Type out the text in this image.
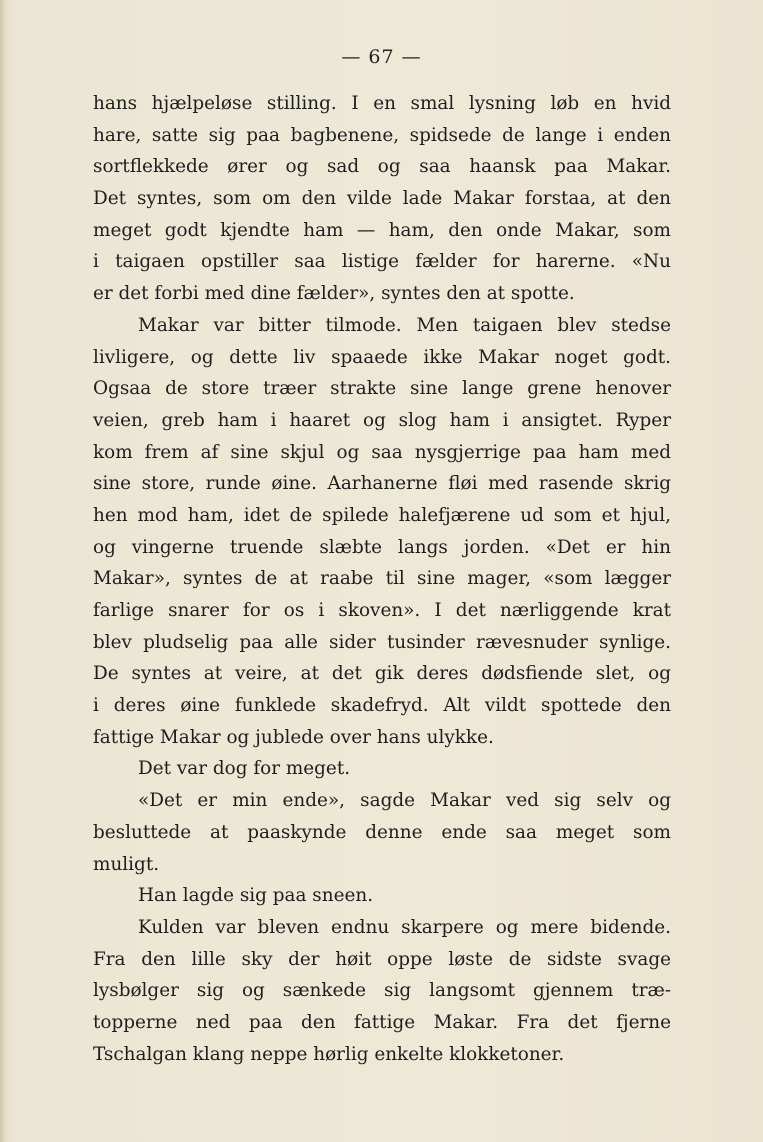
— 67 —
hans hjælpeløse stilling. I en smal lysning løb en hvid
hare, satte sig paa bagbenene, spidsede de lange i enden
sortflekkede ører og sad og saa haansk paa Makar.
Det syntes, som om den vilde lade Makar forstaa, at den
meget godt kjendte ham — ham, den onde Makar, som
i taigaen opstiller saa listige fælder for harerne. «Nu
er det forbi med dine fælder», syntes den at spotte.
Makar var bitter tilmode. Men taigaen blev stedse
livligere, og dette liv spaaede ikke Makar noget godt.
Ogsaa de store træer strakte sine lange grene henover
veien, greb ham i haaret og slog ham i ansigtet. Ryper
kom frem af sine skjul og saa nysgjerrige paa ham med
sine store, runde øine. Aarhanerne fløi med rasende skrig
hen mod ham, idet de spilede halefjærene ud som et hjul,
og vingerne truende slæbte langs jorden. «Det er hin
Makar», syntes de at raabe til sine mager, «som lægger
farlige snarer for os i skoven». I det nærliggende krat
blev pludselig paa alle sider tusinder rævesnuder synlige.
De syntes at veire, at det gik deres dødsfiende slet, og
i deres øine funklede skadefryd. Alt vildt spottede den
fattige Makar og jublede over hans ulykke.
Det var dog for meget.
«Det er min ende», sagde Makar ved sig selv og
besluttede at paaskynde denne ende saa meget som
muligt.
Han lagde sig paa sneen.
Kulden var bleven endnu skarpere og mere bidende.
Fra den lille sky der høit oppe løste de sidste svage
lysbølger sig og sænkede sig langsomt gjennem træ-
topperne ned paa den fattige Makar. Fra det fjerne
Tschalgan klang neppe hørlig enkelte klokketoner.
